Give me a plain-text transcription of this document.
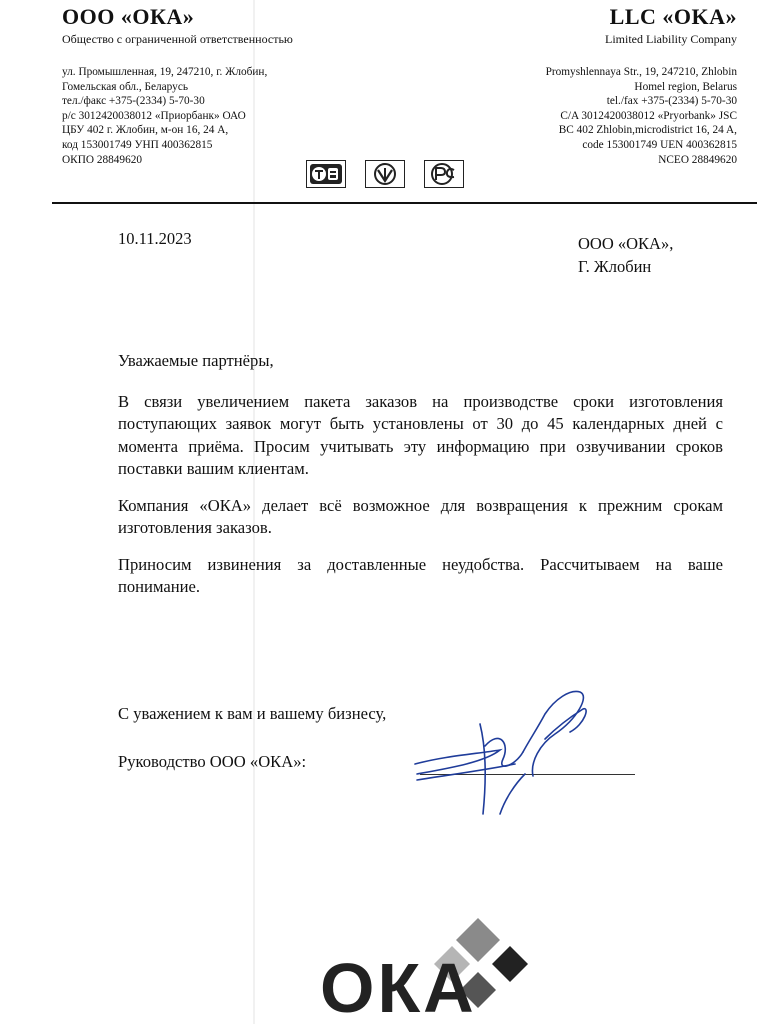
ООО «ОКА»
Общество с ограниченной ответственностью
ул. Промышленная, 19, 247210, г. Жлобин,
Гомельская обл., Беларусь
тел./факс +375-(2334) 5-70-30
р/с 3012420038012 «Приорбанк» ОАО
ЦБУ 402 г. Жлобин, м-он 16, 24 А,
код 153001749 УНП 400362815
ОКПО 28849620
LLC «OKA»
Limited Liability Company
Promyshlennaya Str., 19, 247210, Zhlobin
Homel region, Belarus
tel./fax +375-(2334) 5-70-30
C/A 3012420038012 «Pryorbank» JSC
BC 402 Zhlobin,microdistrict 16, 24 A,
code 153001749 UEN 400362815
NCEO 28849620
10.11.2023	ООО «ОКА»,
Г. Жлобин

Уважаемые партнёры,

В связи увеличением пакета заказов на производстве сроки изготовления поступающих заявок могут быть установлены от 30 до 45 календарных дней с момента приёма. Просим учитывать эту информацию при озвучивании сроков поставки вашим клиентам.

Компания «ОКА» делает всё возможное для возвращения к прежним срокам изготовления заказов.

Приносим извинения за доставленные неудобства. Рассчитываем на ваше понимание.

С уважением к вам и вашему бизнесу,
Руководство ООО «ОКА»:
ОКА
